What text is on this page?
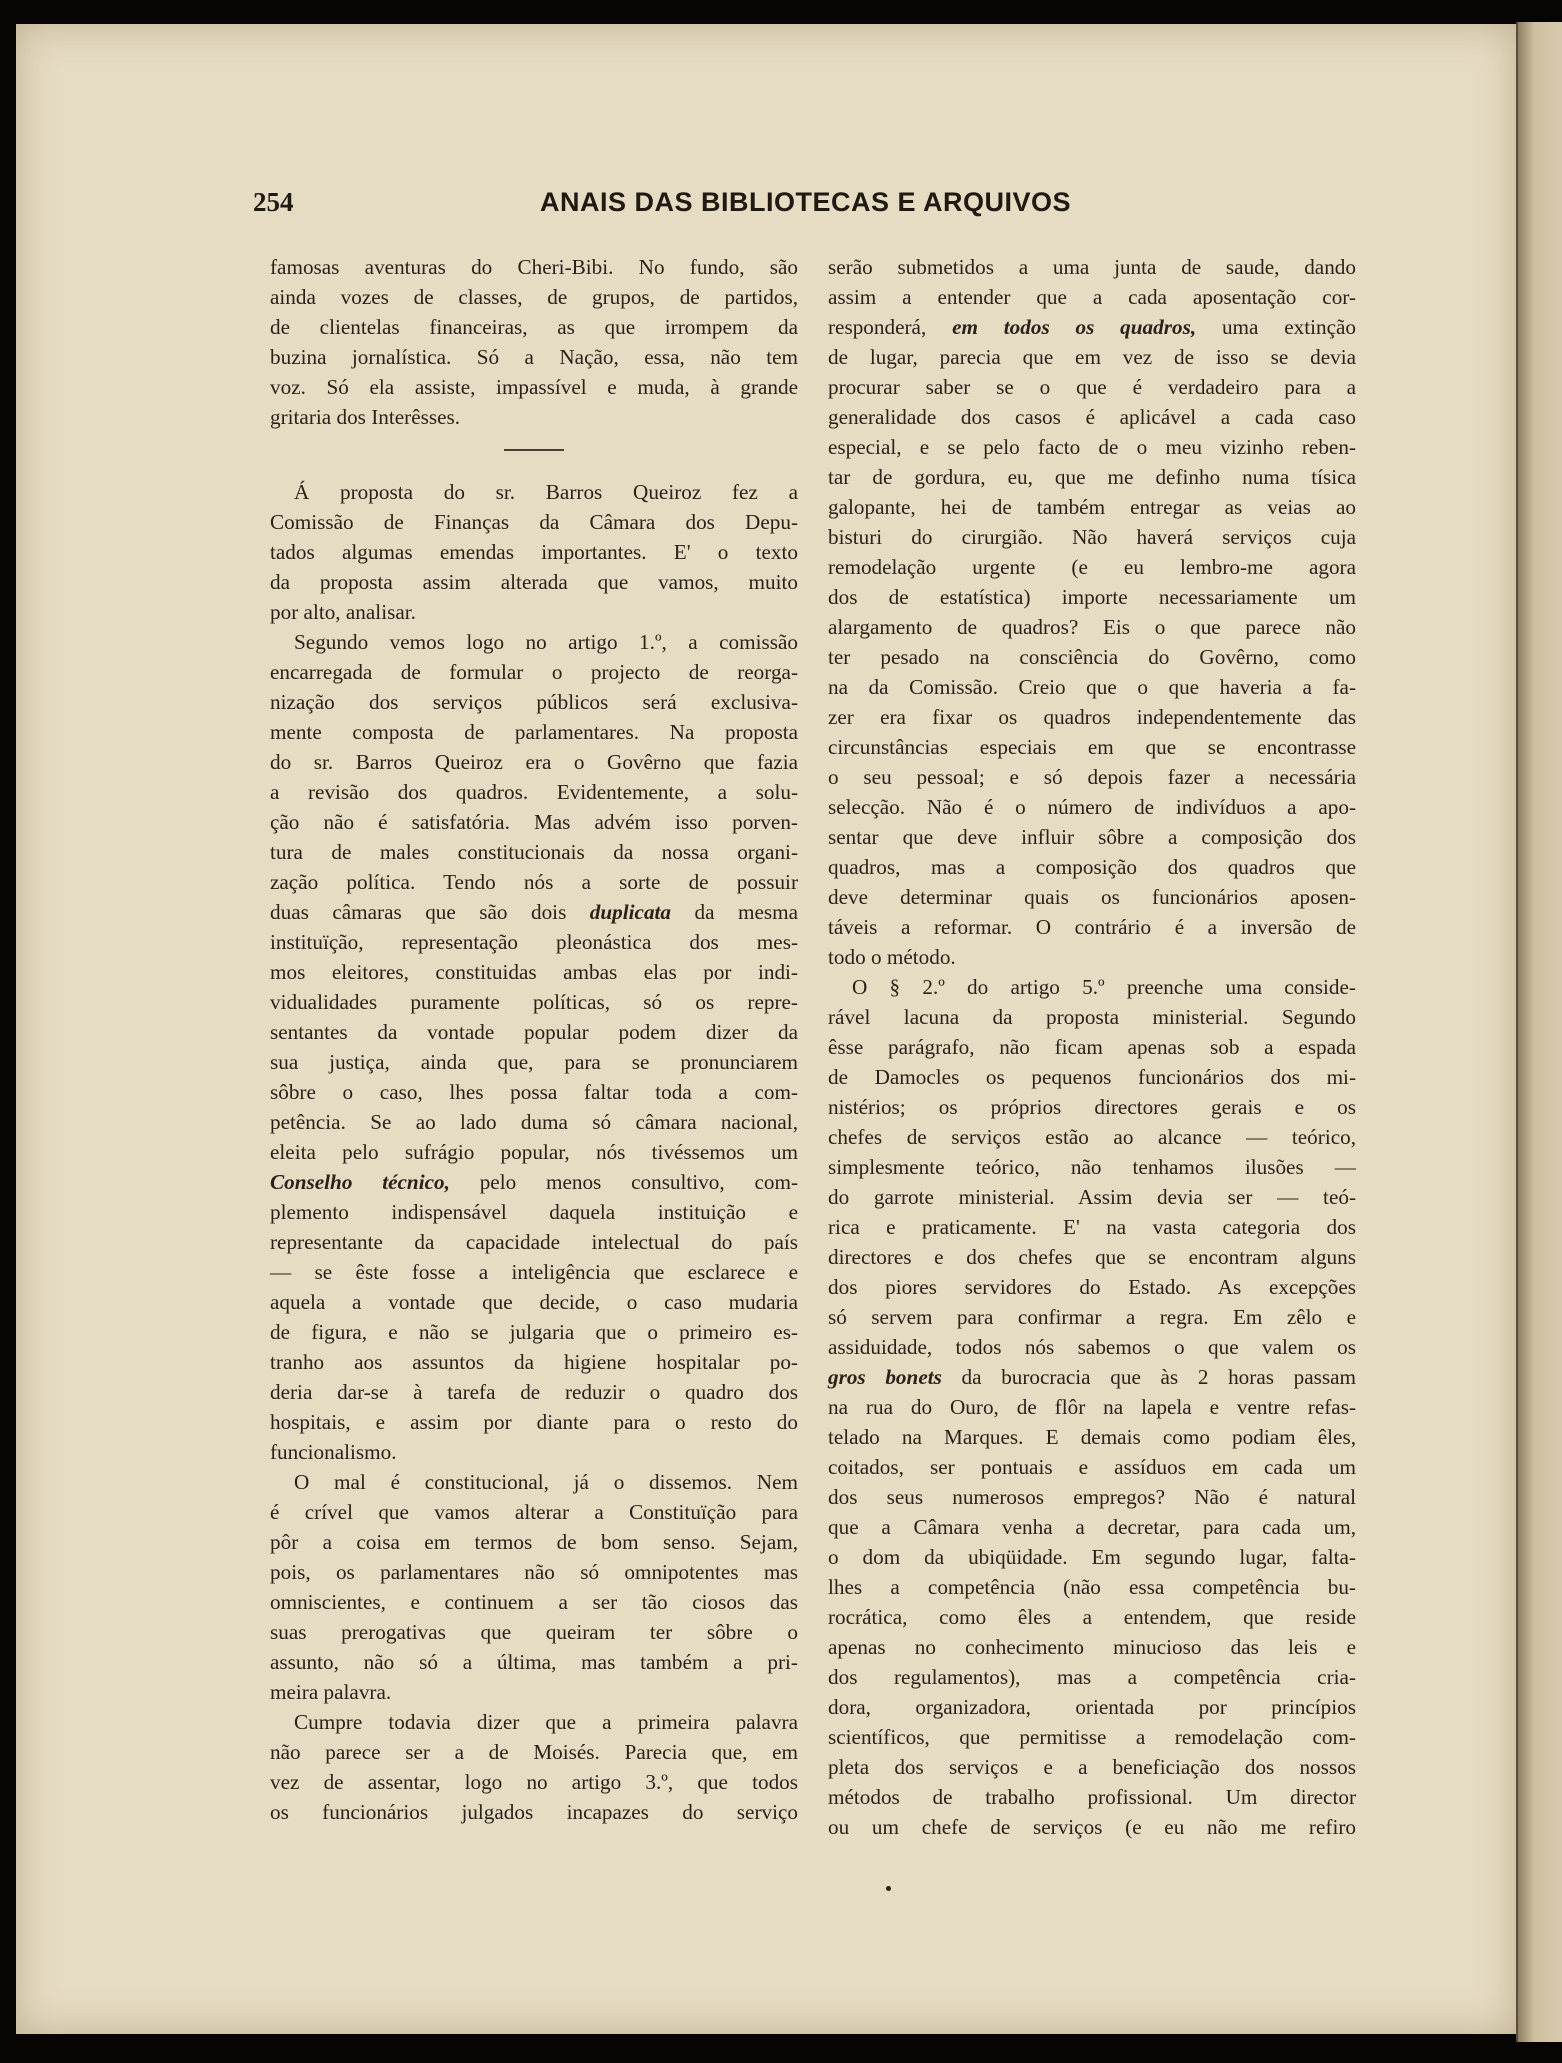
254	ANAIS DAS BIBLIOTECAS E ARQUIVOS
famosas aventuras do Cheri-Bibi. No fundo, são
ainda vozes de classes, de grupos, de partidos,
de clientelas financeiras, as que irrompem da
buzina jornalística. Só a Nação, essa, não tem
voz. Só ela assiste, impassível e muda, à grande
gritaria dos Interêsses.
Á proposta do sr. Barros Queiroz fez a
Comissão de Finanças da Câmara dos Depu-
tados algumas emendas importantes. E' o texto
da proposta assim alterada que vamos, muito
por alto, analisar.
Segundo vemos logo no artigo 1.º, a comissão
encarregada de formular o projecto de reorga-
nização dos serviços públicos será exclusiva-
mente composta de parlamentares. Na proposta
do sr. Barros Queiroz era o Govêrno que fazia
a revisão dos quadros. Evidentemente, a solu-
ção não é satisfatória. Mas advém isso porven-
tura de males constitucionais da nossa organi-
zação política. Tendo nós a sorte de possuir
duas câmaras que são dois duplicata da mesma
instituïção, representação pleonástica dos mes-
mos eleitores, constituidas ambas elas por indi-
vidualidades puramente políticas, só os repre-
sentantes da vontade popular podem dizer da
sua justiça, ainda que, para se pronunciarem
sôbre o caso, lhes possa faltar toda a com-
petência. Se ao lado duma só câmara nacional,
eleita pelo sufrágio popular, nós tivéssemos um
Conselho técnico, pelo menos consultivo, com-
plemento indispensável daquela instituição e
representante da capacidade intelectual do país
— se êste fosse a inteligência que esclarece e
aquela a vontade que decide, o caso mudaria
de figura, e não se julgaria que o primeiro es-
tranho aos assuntos da higiene hospitalar po-
deria dar-se à tarefa de reduzir o quadro dos
hospitais, e assim por diante para o resto do
funcionalismo.
O mal é constitucional, já o dissemos. Nem
é crível que vamos alterar a Constituïção para
pôr a coisa em termos de bom senso. Sejam,
pois, os parlamentares não só omnipotentes mas
omniscientes, e continuem a ser tão ciosos das
suas prerogativas que queiram ter sôbre o
assunto, não só a última, mas também a pri-
meira palavra.
Cumpre todavia dizer que a primeira palavra
não parece ser a de Moisés. Parecia que, em
vez de assentar, logo no artigo 3.º, que todos
os funcionários julgados incapazes do serviço
serão submetidos a uma junta de saude, dando
assim a entender que a cada aposentação cor-
responderá, em todos os quadros, uma extinção
de lugar, parecia que em vez de isso se devia
procurar saber se o que é verdadeiro para a
generalidade dos casos é aplicável a cada caso
especial, e se pelo facto de o meu vizinho reben-
tar de gordura, eu, que me definho numa tísica
galopante, hei de também entregar as veias ao
bisturi do cirurgião. Não haverá serviços cuja
remodelação urgente (e eu lembro-me agora
dos de estatística) importe necessariamente um
alargamento de quadros? Eis o que parece não
ter pesado na consciência do Govêrno, como
na da Comissão. Creio que o que haveria a fa-
zer era fixar os quadros independentemente das
circunstâncias especiais em que se encontrasse
o seu pessoal; e só depois fazer a necessária
selecção. Não é o número de indivíduos a apo-
sentar que deve influir sôbre a composição dos
quadros, mas a composição dos quadros que
deve determinar quais os funcionários aposen-
táveis a reformar. O contrário é a inversão de
todo o método.
O § 2.º do artigo 5.º preenche uma conside-
rável lacuna da proposta ministerial. Segundo
êsse parágrafo, não ficam apenas sob a espada
de Damocles os pequenos funcionários dos mi-
nistérios; os próprios directores gerais e os
chefes de serviços estão ao alcance — teórico,
simplesmente teórico, não tenhamos ilusões —
do garrote ministerial. Assim devia ser — teó-
rica e praticamente. E' na vasta categoria dos
directores e dos chefes que se encontram alguns
dos piores servidores do Estado. As excepções
só servem para confirmar a regra. Em zêlo e
assiduidade, todos nós sabemos o que valem os
gros bonets da burocracia que às 2 horas passam
na rua do Ouro, de flôr na lapela e ventre refas-
telado na Marques. E demais como podiam êles,
coitados, ser pontuais e assíduos em cada um
dos seus numerosos empregos? Não é natural
que a Câmara venha a decretar, para cada um,
o dom da ubiqüidade. Em segundo lugar, falta-
lhes a competência (não essa competência bu-
rocrática, como êles a entendem, que reside
apenas no conhecimento minucioso das leis e
dos regulamentos), mas a competência cria-
dora, organizadora, orientada por princípios
scientíficos, que permitisse a remodelação com-
pleta dos serviços e a beneficiação dos nossos
métodos de trabalho profissional. Um director
ou um chefe de serviços (e eu não me refiro
